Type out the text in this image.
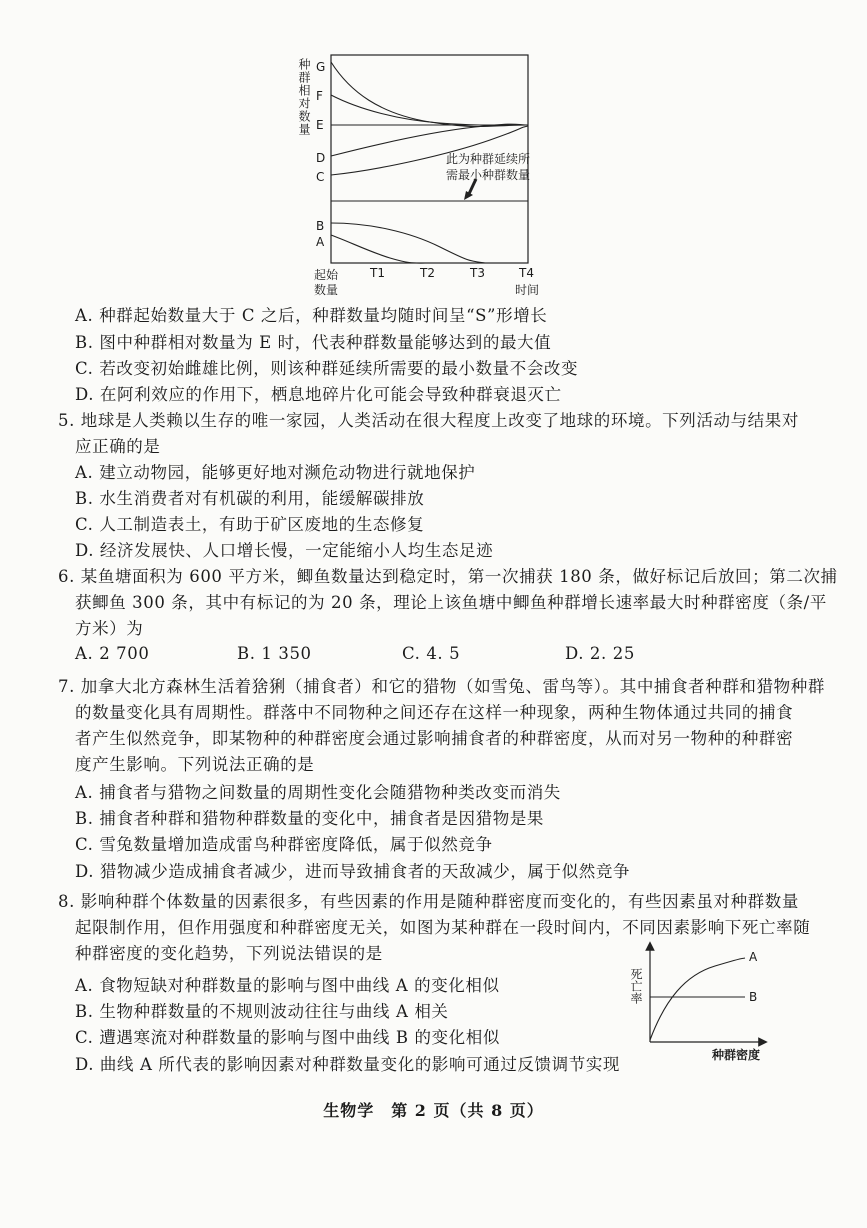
种群相对数量 G
F
E
D
C
B
A
此为种群延续所
需最小种群数量
起始
数量
T1	T2	T3	T4
时间
A. 种群起始数量大于 C 之后，种群数量均随时间呈“S”形增长
B. 图中种群相对数量为 E 时，代表种群数量能够达到的最大值
C. 若改变初始雌雄比例，则该种群延续所需要的最小数量不会改变
D. 在阿利效应的作用下，栖息地碎片化可能会导致种群衰退灭亡
5. 地球是人类赖以生存的唯一家园，人类活动在很大程度上改变了地球的环境。下列活动与结果对
应正确的是
A. 建立动物园，能够更好地对濒危动物进行就地保护
B. 水生消费者对有机碳的利用，能缓解碳排放
C. 人工制造表土，有助于矿区废地的生态修复
D. 经济发展快、人口增长慢，一定能缩小人均生态足迹
6. 某鱼塘面积为 600 平方米，鲫鱼数量达到稳定时，第一次捕获 180 条，做好标记后放回；第二次捕
获鲫鱼 300 条，其中有标记的为 20 条，理论上该鱼塘中鲫鱼种群增长速率最大时种群密度（条/平
方米）为
A. 2 700	B. 1 350	C. 4. 5	D. 2. 25
7. 加拿大北方森林生活着猞猁（捕食者）和它的猎物（如雪兔、雷鸟等）。其中捕食者种群和猎物种群
的数量变化具有周期性。群落中不同物种之间还存在这样一种现象，两种生物体通过共同的捕食
者产生似然竞争，即某物种的种群密度会通过影响捕食者的种群密度，从而对另一物种的种群密
度产生影响。下列说法正确的是
A. 捕食者与猎物之间数量的周期性变化会随猎物种类改变而消失
B. 捕食者种群和猎物种群数量的变化中，捕食者是因猎物是果
C. 雪兔数量增加造成雷鸟种群密度降低，属于似然竞争
D. 猎物减少造成捕食者减少，进而导致捕食者的天敌减少，属于似然竞争
8. 影响种群个体数量的因素很多，有些因素的作用是随种群密度而变化的，有些因素虽对种群数量
起限制作用，但作用强度和种群密度无关，如图为某种群在一段时间内，不同因素影响下死亡率随
种群密度的变化趋势，下列说法错误的是
A. 食物短缺对种群数量的影响与图中曲线 A 的变化相似
B. 生物种群数量的不规则波动往往与曲线 A 相关
C. 遭遇寒流对种群数量的影响与图中曲线 B 的变化相似
D. 曲线 A 所代表的影响因素对种群数量变化的影响可通过反馈调节实现
死亡率
A
B
种群密度
生物学　第 2 页（共 8 页）
